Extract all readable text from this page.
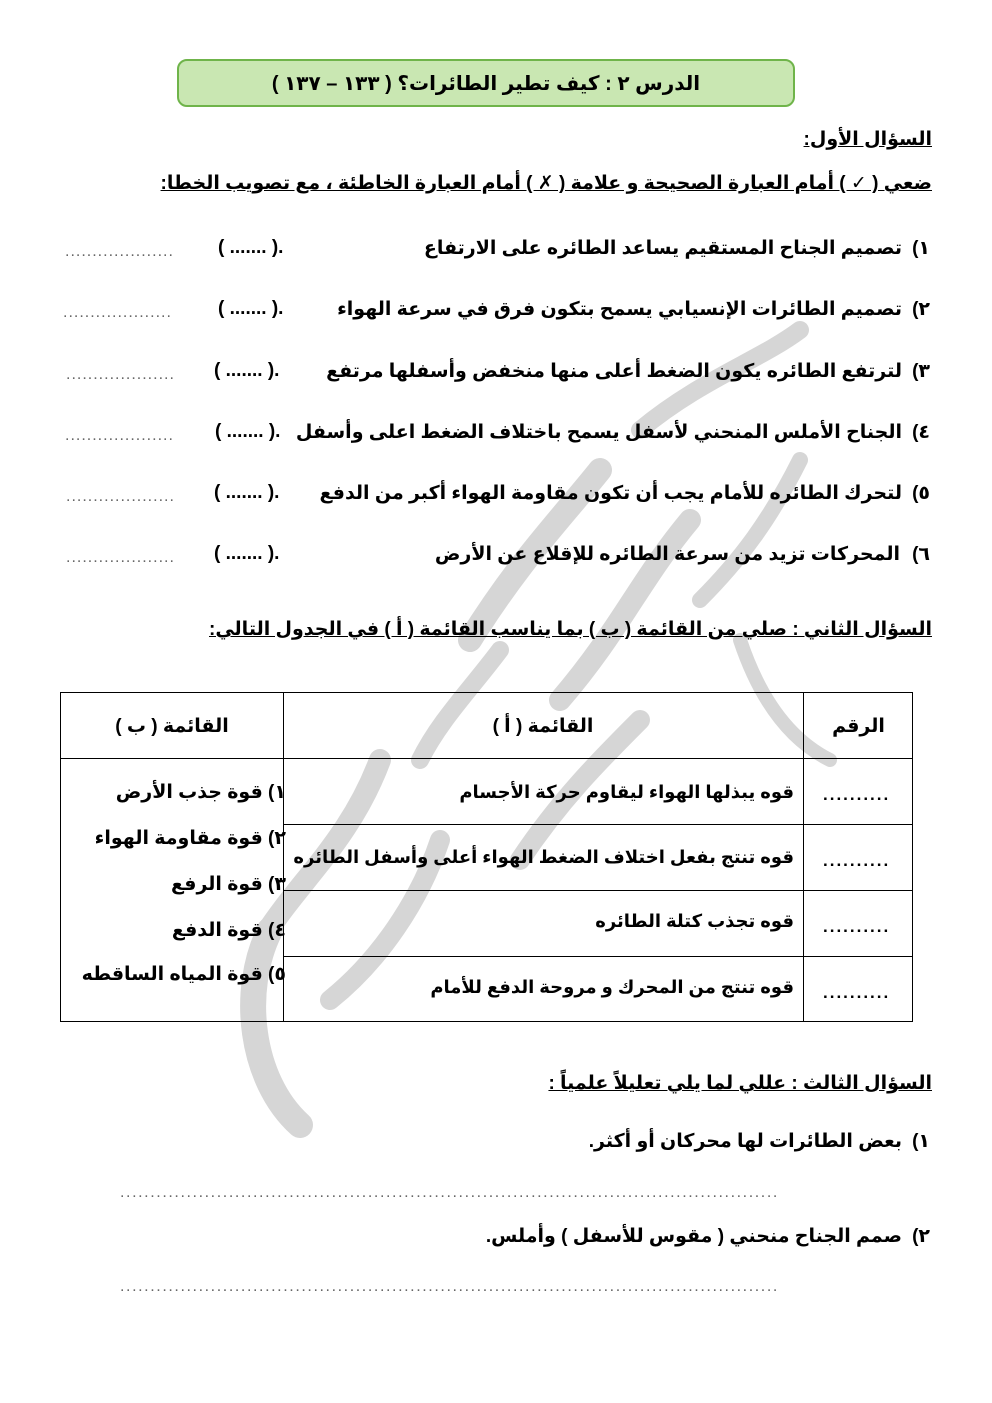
الدرس ٢ : كيف تطير الطائرات؟ ( ١٣٣ – ١٣٧ )
السؤال الأول:
ضعي ( ✓ ) أمام العبارة الصحيحة و علامة ( ✗ ) أمام العبارة الخاطئة ، مع تصويب الخطا:
١)
تصميم الجناح المستقيم يساعد الطائره على الارتفاع
( ....... ).
....................
٢)
تصميم الطائرات الإنسيابي يسمح بتكون فرق في سرعة الهواء
( ....... ).
....................
٣)
لترتفع الطائره يكون الضغط أعلى منها منخفض وأسفلها مرتفع
( ....... ).
....................
٤)
الجناح الأملس المنحني لأسفل يسمح باختلاف الضغط اعلى وأسفل
( ....... ).
....................
٥)
لتحرك الطائره للأمام يجب أن تكون مقاومة الهواء أكبر من الدفع
( ....... ).
....................
٦)
المحركات تزيد من سرعة الطائره للإقلاع عن الأرض
( ....... ).
....................
السؤال الثاني : صلي من القائمة ( ب ) بما يناسب القائمة ( أ ) في الجدول التالي:
الرقم
القائمة ( أ )
القائمة ( ب )
..........
قوه يبذلها الهواء ليقاوم حركة الأجسام
..........
قوه تنتج بفعل اختلاف الضغط الهواء أعلى وأسفل الطائره
..........
قوه تجذب كتلة الطائره
..........
قوه تنتج من المحرك و مروحة الدفع للأمام
١) قوة جذب الأرض
٢) قوة مقاومة الهواء
٣) قوة الرفع
٤) قوة الدفع
٥) قوة المياه الساقطه
السؤال الثالث : عللي لما يلي تعليلاً علمياً :
١)
بعض الطائرات لها محركان أو أكثر.
.............................................................................................................
٢)
صمم الجناح منحني ( مقوس للأسفل ) وأملس.
.............................................................................................................
